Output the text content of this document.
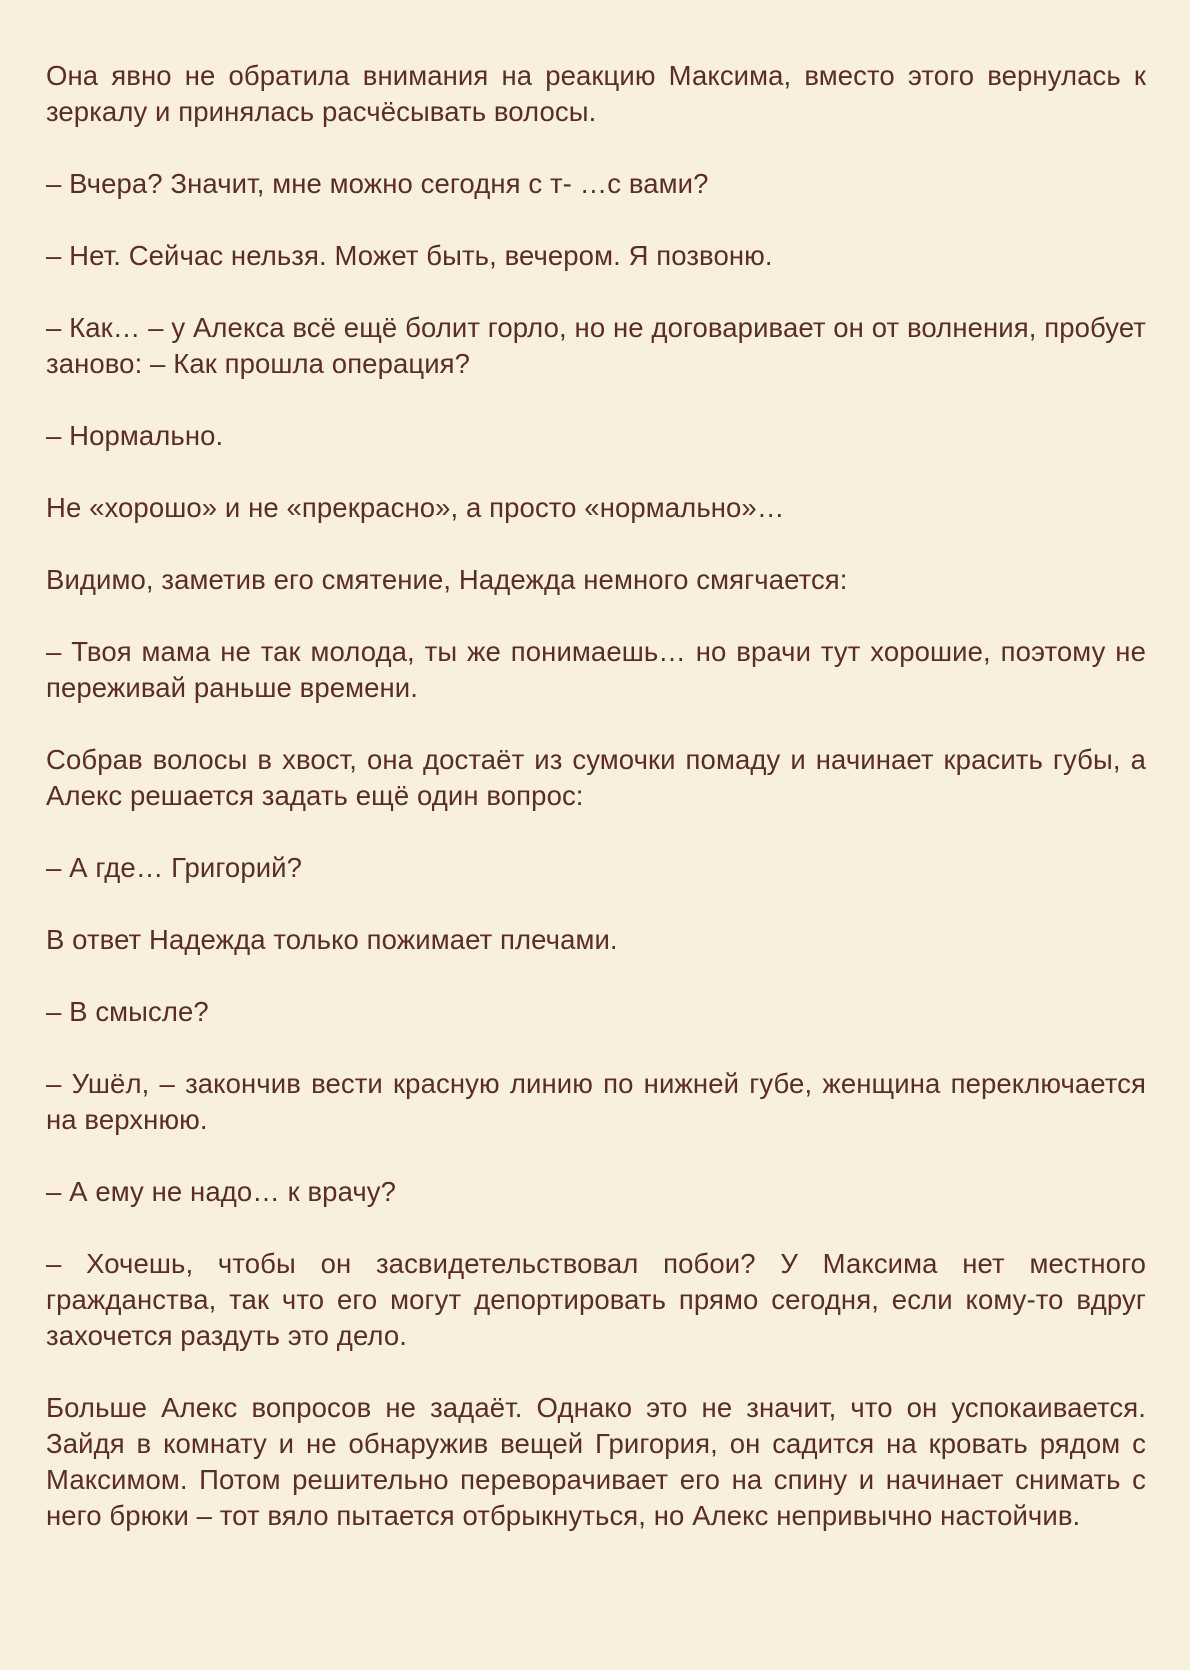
Она явно не обратила внимания на реакцию Максима, вместо этого вернулась к зеркалу и принялась расчёсывать волосы.

– Вчера? Значит, мне можно сегодня с т- …с вами?

– Нет. Сейчас нельзя. Может быть, вечером. Я позвоню.

– Как… – у Алекса всё ещё болит горло, но не договаривает он от волнения, пробует заново: – Как прошла операция?

– Нормально.

Не «хорошо» и не «прекрасно», а просто «нормально»…

Видимо, заметив его смятение, Надежда немного смягчается:

– Твоя мама не так молода, ты же понимаешь… но врачи тут хорошие, поэтому не переживай раньше времени.

Собрав волосы в хвост, она достаёт из сумочки помаду и начинает красить губы, а Алекс решается задать ещё один вопрос:

– А где… Григорий?

В ответ Надежда только пожимает плечами.

– В смысле?

– Ушёл, – закончив вести красную линию по нижней губе, женщина переключается на верхнюю.

– А ему не надо… к врачу?

– Хочешь, чтобы он засвидетельствовал побои? У Максима нет местного гражданства, так что его могут депортировать прямо сегодня, если кому-то вдруг захочется раздуть это дело.

Больше Алекс вопросов не задаёт. Однако это не значит, что он успокаивается. Зайдя в комнату и не обнаружив вещей Григория, он садится на кровать рядом с Максимом. Потом решительно переворачивает его на спину и начинает снимать с него брюки – тот вяло пытается отбрыкнуться, но Алекс непривычно настойчив.
